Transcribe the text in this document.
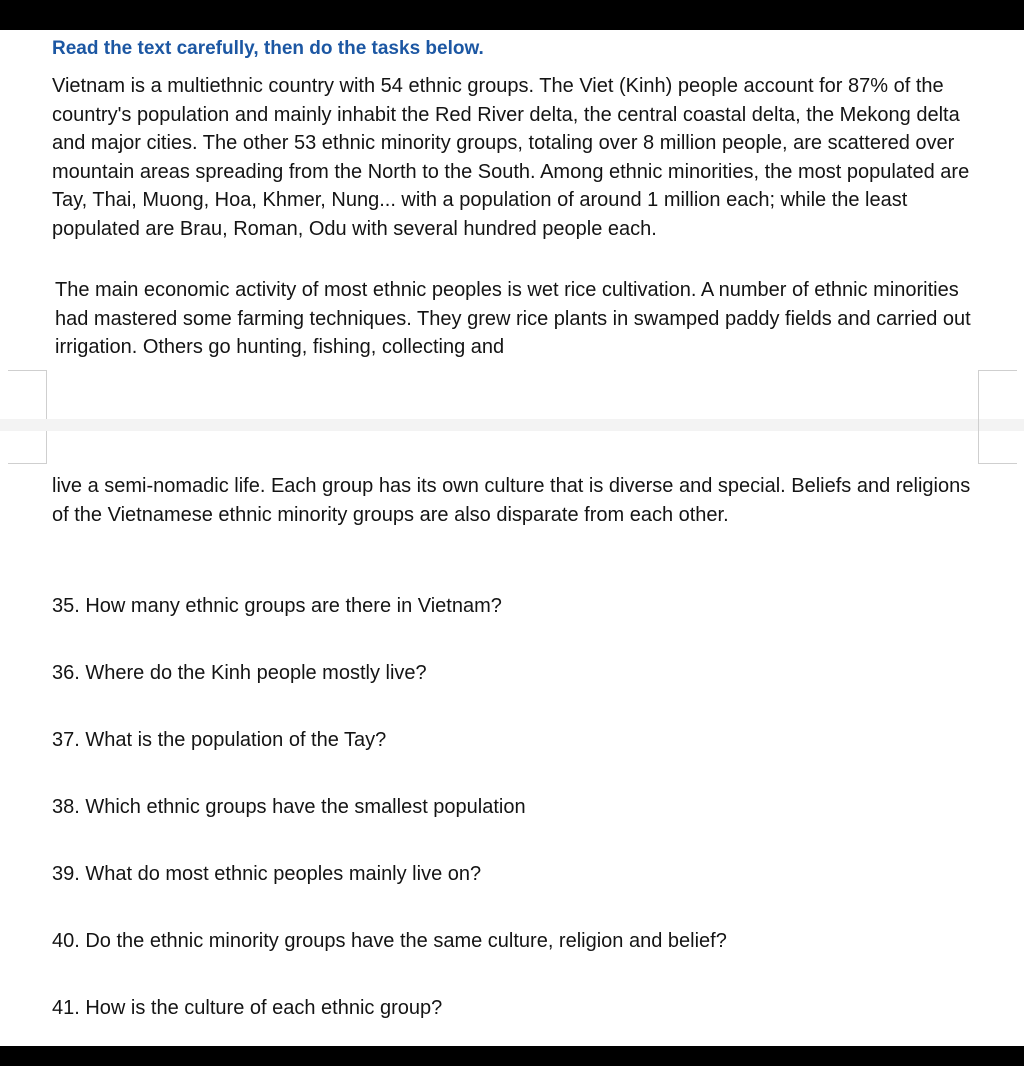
Read the text carefully, then do the tasks below.

Vietnam is a multiethnic country with 54 ethnic groups. The Viet (Kinh) people account for 87% of the country's population and mainly inhabit the Red River delta, the central coastal delta, the Mekong delta and major cities. The other 53 ethnic minority groups, totaling over 8 million people, are scattered over mountain areas spreading from the North to the South. Among ethnic minorities, the most populated are Tay, Thai, Muong, Hoa, Khmer, Nung... with a population of around 1 million each; while the least populated are Brau, Roman, Odu with several hundred people each.

The main economic activity of most ethnic peoples is wet rice cultivation. A number of ethnic minorities had mastered some farming techniques. They grew rice plants in swamped paddy fields and carried out irrigation. Others go hunting, fishing, collecting and

live a semi-nomadic life. Each group has its own culture that is diverse and special. Beliefs and religions of the Vietnamese ethnic minority groups are also disparate from each other.

35. How many ethnic groups are there in Vietnam?
36. Where do the Kinh people mostly live?
37. What is the population of the Tay?
38. Which ethnic groups have the smallest population
39. What do most ethnic peoples mainly live on?
40. Do the ethnic minority groups have the same culture, religion and belief?
41. How is the culture of each ethnic group?
